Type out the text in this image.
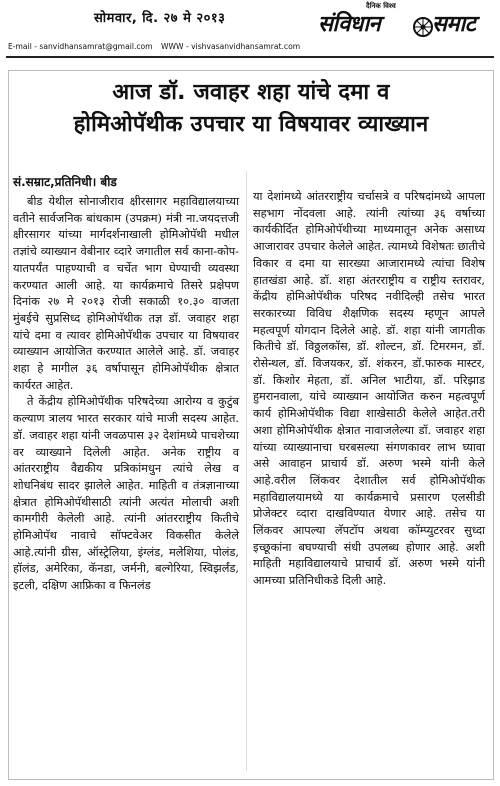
सोमवार, दि. २७ मे २०१३
E-mail - sanvidhansamrat@gmail.com WWW - vishvasanvidhansamrat.com
दैनिक विश्व
संविधान समाट
आज डॉ. जवाहर शहा यांचे दमा व
होमिओपॅथीक उपचार या विषयावर व्याख्यान
सं.सम्राट,प्रतिनिधी। बीड

बीड येथील सोनाजीराव क्षीरसागर महाविद्यालयाच्या वतीने सार्वजनिक बांधकाम (उपक्रम) मंत्री ना.जयदत्तजी क्षीरसागर यांच्या मार्गदर्शनाखाली होमिओपॅथी मधील तज्ञांचे व्याख्यान वेबीनार व्दारे जगातील सर्व काना-कोप-यातपर्यंत पाहण्याची व चर्चेत भाग घेण्याची व्यवस्था करण्यात आली आहे. या कार्यक्रमाचे तिसरे प्रक्षेपण दिनांक २७ मे २०१३ रोजी सकाळी १०.३० वाजता मुंबईचे सुप्रसिध्द होमिओपॅथीक तज्ञ डॉ. जवाहर शहा यांचे दमा व त्यावर होमिओपॅथीक उपचार या विषयावर व्याख्यान आयोजित करण्यात आलेले आहे. डॉ. जवाहर शहा हे मागील ३६ वर्षापासून होमिओपॅथीक क्षेत्रात कार्यरत आहेत.

ते केंद्रीय होमिओपॅथीक परिषदेच्या आरोग्य व कुटुंब कल्याण त्रालय भारत सरकार यांचे माजी सदस्य आहेत. डॉ. जवाहर शहा यांनी जवळपास ३२ देशांमध्ये पाचशेच्या वर व्याख्याने दिलेली आहेत. अनेक राष्ट्रीय व आंतरराष्ट्रीय वैद्यकीय प्रत्रिकांमधुन त्यांचे लेख व शोधनिबंध सादर झालेले आहेत. माहिती व तंत्रज्ञानाच्या क्षेत्रात होमिओपॅथीसाठी त्यांनी अत्यंत मोलाची अशी कामगीरी केलेली आहे. त्यांनी आंतरराष्ट्रीय कितीचे होमिओपॅथ नावाचे सॉफ्टवेअर विकसीत केलेले आहे.त्यांनी ग्रीस, ऑस्ट्रेलिया, इंग्लंड, मलेशिया, पोलंड, हॉलंड, अमेरिका, कॅनडा, जर्मनी, बल्गेरिया, स्विझर्लंड, इटली, दक्षिण आफ्रिका व फिनलंड

या देशांमध्ये आंतरराष्ट्रीय चर्चासत्रे व परिषदांमध्ये आपला सहभाग नोंदवला आहे. त्यांनी त्यांच्या ३६ वर्षाच्या कार्यकीर्दित होमिओपॅथीच्या माध्यमातून अनेक असाध्य आजारावर उपचार केलेले आहेत. त्यामध्ये विशेषतः छातीचे विकार व दमा या सारख्या आजारामध्ये त्यांचा विशेष हातखंडा आहे. डॉ. शहा अंतरराष्ट्रीय व राष्ट्रीय स्तरावर, केंद्रीय होमिओपॅथीक परिषद नवीदिल्ही तसेच भारत सरकारच्या विविध शैक्षणिक सदस्य म्हणून आपले महत्वपूर्ण योगदान दिलेले आहे. डॉ. शहा यांनी जागतीक कितीचे डॉ. विठ्ठलकॉस, डॉ. शोल्टन, डॉ. टिमरमन, डॉ. रोसेन्थल, डॉ. विजयकर, डॉ. शंकरन, डॉ.फारुक मास्टर, डॉ. किशोर मेहता, डॉ. अनिल भाटीया, डॉ. परिझाड हुमरानवाला, यांचे व्याख्यान आयोजित करुन महत्वपूर्ण कार्य होमिओपॅथीक विद्या शाखेसाठी केलेले आहेत.तरी अशा होमिओपॅथीक क्षेत्रात नावाजलेल्या डॉ. जवाहर शहा यांच्या व्याख्यानाचा घरबसल्या संगणकावर लाभ घ्यावा असे आवाहन प्राचार्य डॉ. अरुण भस्मे यांनी केले आहे.वरील लिंकवर देशातील सर्व होमिओपॅथीक महाविद्यालयामध्ये या कार्यक्रमाचे प्रसारण एलसीडी प्रोजेक्टर व्दारा दाखविण्यात येणार आहे. तसेच या लिंकवर आपल्या लॅपटॉप अथवा कॉम्प्युटरवर सुध्दा इच्छूकांना बघण्याची संधी उपलब्ध होणार आहे. अशी माहिती महाविद्यालयाचे प्राचार्य डॉ. अरुण भस्मे यांनी आमच्या प्रतिनिधीकडे दिली आहे.
